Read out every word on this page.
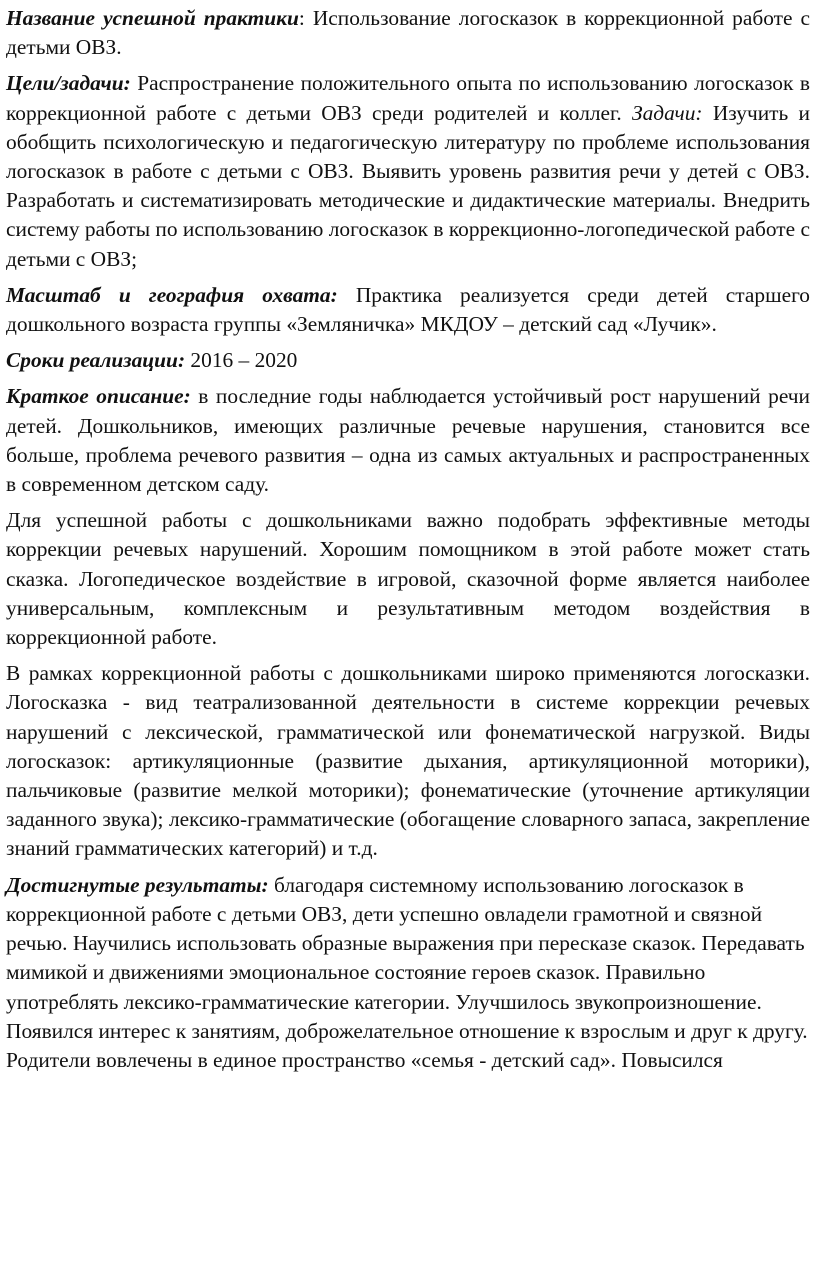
Название успешной практики: Использование логосказок в коррекционной работе с детьми ОВЗ.

Цели/задачи: Распространение положительного опыта по использованию логосказок в коррекционной работе с детьми ОВЗ среди родителей и коллег. Задачи: Изучить и обобщить психологическую и педагогическую литературу по проблеме использования логосказок в работе с детьми с ОВЗ. Выявить уровень развития речи у детей с ОВЗ. Разработать и систематизировать методические и дидактические материалы. Внедрить систему работы по использованию логосказок в коррекционно-логопедической работе с детьми с ОВЗ;

Масштаб и география охвата: Практика реализуется среди детей старшего дошкольного возраста группы «Земляничка» МКДОУ – детский сад «Лучик».

Сроки реализации: 2016 – 2020

Краткое описание: в последние годы наблюдается устойчивый рост нарушений речи детей. Дошкольников, имеющих различные речевые нарушения, становится все больше, проблема речевого развития – одна из самых актуальных и распространенных в современном детском саду.

Для успешной работы с дошкольниками важно подобрать эффективные методы коррекции речевых нарушений. Хорошим помощником в этой работе может стать сказка. Логопедическое воздействие в игровой, сказочной форме является наиболее универсальным, комплексным и результативным методом воздействия в коррекционной работе.

В рамках коррекционной работы с дошкольниками широко применяются логосказки. Логосказка - вид театрализованной деятельности в системе коррекции речевых нарушений с лексической, грамматической или фонематической нагрузкой. Виды логосказок: артикуляционные (развитие дыхания, артикуляционной моторики), пальчиковые (развитие мелкой моторики); фонематические (уточнение артикуляции заданного звука); лексико-грамматические (обогащение словарного запаса, закрепление знаний грамматических категорий) и т.д.

Достигнутые результаты: благодаря системному использованию логосказок в коррекционной работе с детьми ОВЗ, дети успешно овладели грамотной и связной речью. Научились использовать образные выражения при пересказе сказок. Передавать мимикой и движениями эмоциональное состояние героев сказок. Правильно употреблять лексико-грамматические категории. Улучшилось звукопроизношение. Появился интерес к занятиям, доброжелательное отношение к взрослым и друг к другу. Родители вовлечены в единое пространство «семья - детский сад». Повысился
